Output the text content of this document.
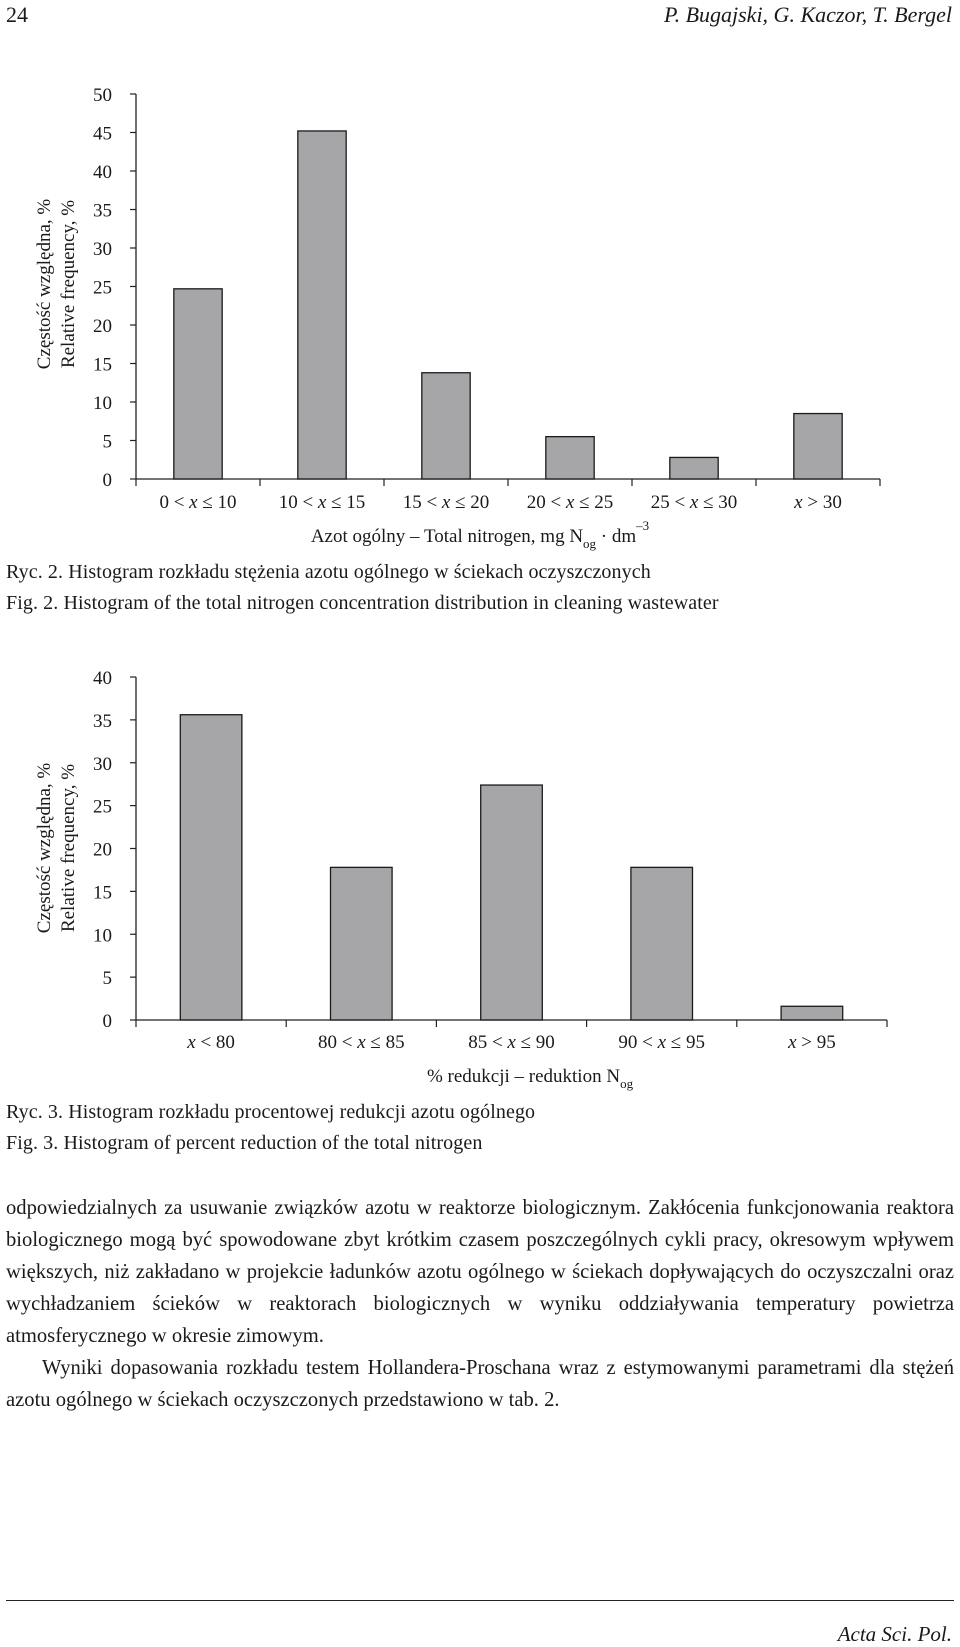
24	P. Bugajski, G. Kaczor, T. Bergel
0
5
10
15
20
25
30
35
40
45
50
0 < x ≤ 10 10 < x ≤ 15 15 < x ≤ 20 20 < x ≤ 25 25 < x ≤ 30	x > 30
Azot ogólny – Total nitrogen, mg $N_{og} \cdot dm^{-3}$
Częstość względna, % Relative frequency, %
Ryc. 2. Histogram rozkładu stężenia azotu ogólnego w ściekach oczyszczonych
Fig. 2. Histogram of the total nitrogen concentration distribution in cleaning wastewater
0
5
10
15
20
25
30
35
40
x < 80	80 < x ≤ 85	85 < x ≤ 90	90 < x ≤ 95	x > 95
% redukcji – reduktion $N_{og}$
Częstość względna, % Relative frequency, %
Ryc. 3. Histogram rozkładu procentowej redukcji azotu ogólnego
Fig. 3. Histogram of percent reduction of the total nitrogen

odpowiedzialnych za usuwanie związków azotu w reaktorze biologicznym. Zakłócenia funkcjonowania reaktora biologicznego mogą być spowodowane zbyt krótkim czasem poszczególnych cykli pracy, okresowym wpływem większych, niż zakładano w projekcie ładunków azotu ogólnego w ściekach dopływających do oczyszczalni oraz wychładzaniem ścieków w reaktorach biologicznych w wyniku oddziaływania temperatury powietrza atmosferycznego w okresie zimowym.

Wyniki dopasowania rozkładu testem Hollandera-Proschana wraz z estymowanymi parametrami dla stężeń azotu ogólnego w ściekach oczyszczonych przedstawiono w tab. 2.

Acta Sci. Pol.
